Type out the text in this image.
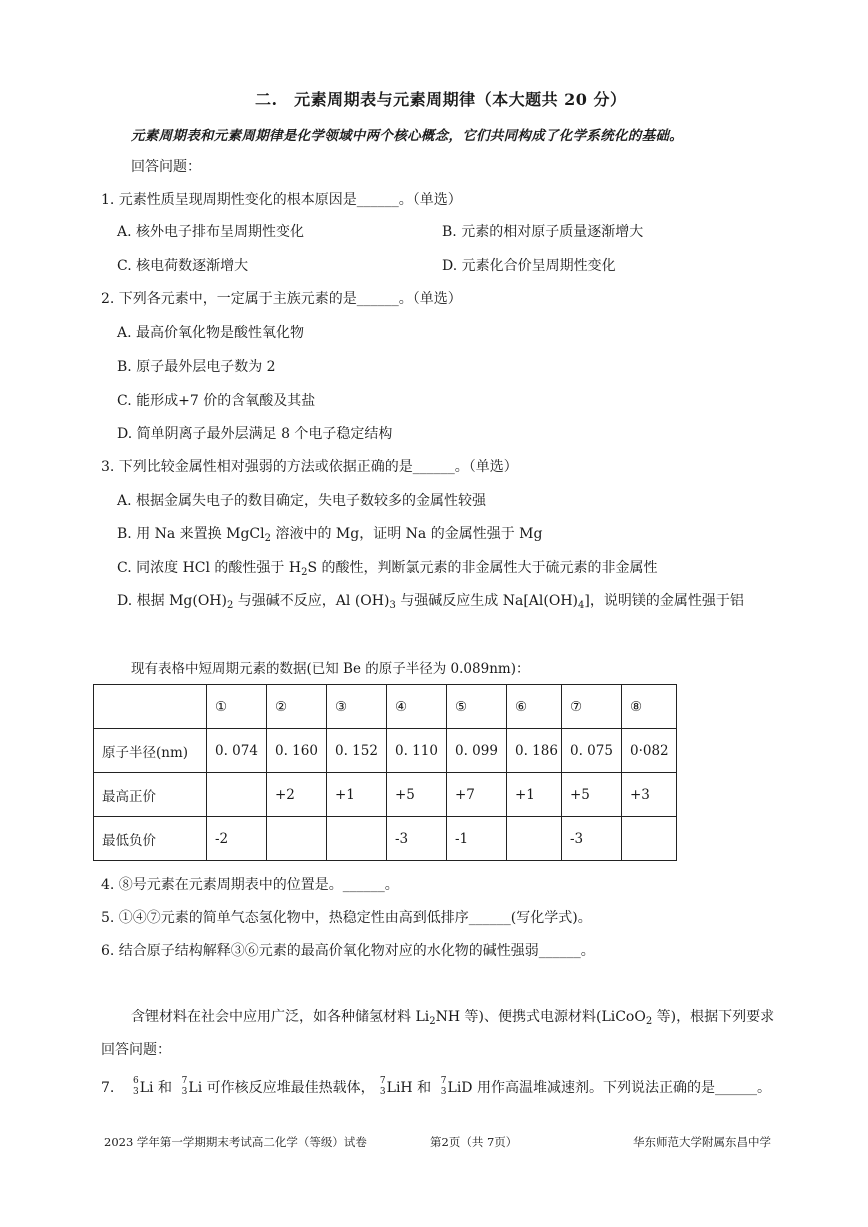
二.　元素周期表与元素周期律（本大题共 20 分）
元素周期表和元素周期律是化学领域中两个核心概念，它们共同构成了化学系统化的基础。
回答问题：
1. 元素性质呈现周期性变化的根本原因是______。（单选）
A. 核外电子排布呈周期性变化	B. 元素的相对原子质量逐渐增大
C. 核电荷数逐渐增大	D. 元素化合价呈周期性变化
2. 下列各元素中，一定属于主族元素的是______。（单选）
A. 最高价氧化物是酸性氧化物
B. 原子最外层电子数为 2
C. 能形成+7 价的含氧酸及其盐
D. 简单阴离子最外层满足 8 个电子稳定结构
3. 下列比较金属性相对强弱的方法或依据正确的是______。（单选）
A. 根据金属失电子的数目确定，失电子数较多的金属性较强
B. 用 Na 来置换 MgCl$_2$ 溶液中的 Mg，证明 Na 的金属性强于 Mg
C. 同浓度 HCl 的酸性强于 $H_2S$ 的酸性，判断氯元素的非金属性大于硫元素的非金属性
D. 根据 $Mg(OH)_2$ 与强碱不反应，Al $(OH)_3$ 与强碱反应生成 $Na[Al(OH)_4]$，说明镁的金属性强于铝
现有表格中短周期元素的数据(已知 Be 的原子半径为 0.089nm)：
	①	②	③	④	⑤	⑥	⑦	⑧
原子半径(nm)	0. 074	0. 160	0. 152	0. 110	0. 099	0. 186	0. 075	0·082
最高正价		+2	+1	+5	+7	+1	+5	+3
最低负价	-2			-3	-1		-3	
4. ⑧号元素在元素周期表中的位置是。______。
5. ①④⑦元素的简单气态氢化物中，热稳定性由高到低排序______(写化学式)。
6. 结合原子结构解释③⑥元素的最高价氧化物对应的水化物的碱性强弱______。
含锂材料在社会中应用广泛，如各种储氢材料 $Li_2NH$ 等)、便携式电源材料(LiCoO$_2$ 等)，根据下列要求
回答问题：
7. 6
3 Li 和 7
3 Li 可作核反应堆最佳热载体， 7
3 LiH 和 7
3 LiD 用作高温堆减速剂。下列说法正确的是______。
2023 学年第一学期期末考试高二化学（等级）试卷	第2页（共 7页）	华东师范大学附属东昌中学
